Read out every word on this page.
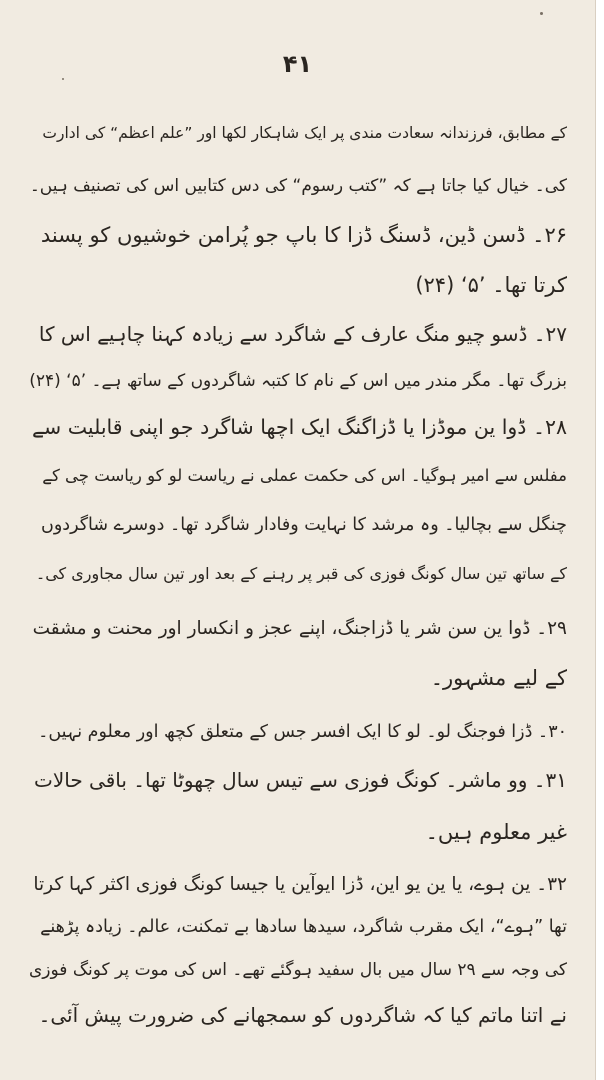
۴۱
کے مطابق، فرزندانہ سعادت مندی پر ایک شاہکار لکھا اور ”علم اعظم“ کی ادارت
کی۔ خیال کیا جاتا ہے کہ ”کتب رسوم“ کی دس کتابیں اس کی تصنیف ہیں۔
۲۶۔ ڈسن ڈین، ڈسنگ ڈزا کا باپ جو پُرامن خوشیوں کو پسند
کرتا تھا۔ ’۵‘ (۲۴)
۲۷۔ ڈسو چیو منگ عارف کے شاگرد سے زیادہ کہنا چاہیے اس کا
بزرگ تھا۔ مگر مندر میں اس کے نام کا کتبہ شاگردوں کے ساتھ ہے۔ ’۵‘ (۲۴)
۲۸۔ ڈوا ین موڈزا یا ڈزاگنگ ایک اچھا شاگرد جو اپنی قابلیت سے
مفلس سے امیر ہوگیا۔ اس کی حکمت عملی نے ریاست لو کو ریاست چی کے
چنگل سے بچالیا۔ وہ مرشد کا نہایت وفادار شاگرد تھا۔ دوسرے شاگردوں
کے ساتھ تین سال کونگ فوزی کی قبر پر رہنے کے بعد اور تین سال مجاوری کی۔
۲۹۔ ڈوا ین سن شر یا ڈزاجنگ، اپنے عجز و انکسار اور محنت و مشقت
کے لیے مشہور۔
۳۰۔ ڈزا فوجنگ لو۔ لو کا ایک افسر جس کے متعلق کچھ اور معلوم نہیں۔
۳۱۔ وو ماشر۔ کونگ فوزی سے تیس سال چھوٹا تھا۔ باقی حالات
غیر معلوم ہیں۔
۳۲۔ ین ہوے، یا ین یو این، ڈزا ایوآین یا جیسا کونگ فوزی اکثر کہا کرتا
تھا ”ہوے“، ایک مقرب شاگرد، سیدھا سادھا بے تمکنت، عالم۔ زیادہ پڑھنے
کی وجہ سے ۲۹ سال میں بال سفید ہوگئے تھے۔ اس کی موت پر کونگ فوزی
نے اتنا ماتم کیا کہ شاگردوں کو سمجھانے کی ضرورت پیش آئی۔
